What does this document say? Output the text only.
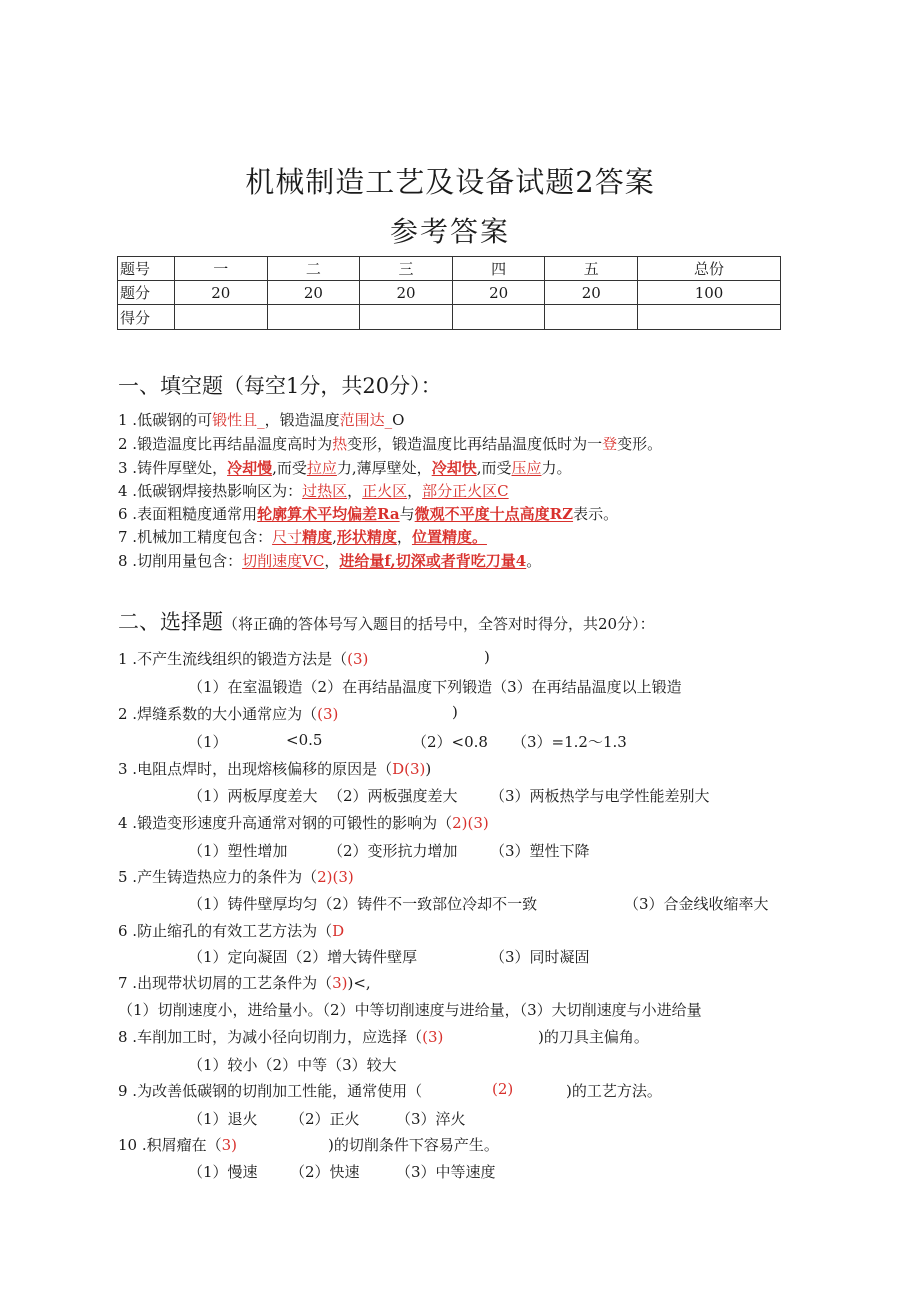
机械制造工艺及设备试题2答案
参考答案
题号	一	二	三	四	五	总份
题分	20	20	20	20	20	100
得分						
一、填空题（每空1分，共20分）：
1 .低碳钢的可锻性且_，锻造温度范围达_O
2 .锻造温度比再结晶温度高时为热变形，锻造温度比再结晶温度低时为一登变形。
3 .铸件厚壁处，冷却慢,而受拉应力,薄厚壁处，冷却快,而受压应力。
4 .低碳钢焊接热影响区为：过热区，正火区，部分正火区C
6 .表面粗糙度通常用轮廓算术平均偏差Ra与微观不平度十点高度RZ表示。
7 .机械加工精度包含：尺寸精度,形状精度，位置精度。
8 .切削用量包含：切削速度VC，进给量f,切深或者背吃刀量4。
二、选择题（将正确的答体号写入题目的括号中，全答对时得分，共20分）：
1 .不产生流线组织的锻造方法是（(3)	)
（1）在室温锻造（2）在再结晶温度下列锻造（3）在再结晶温度以上锻造
2 .焊缝系数的大小通常应为（(3)	)
（1）	<0.5	（2）<0.8 （3）=1.2～1.3
3 .电阻点焊时，出现熔核偏移的原因是（D(3))
（1）两板厚度差大 （2）两板强度差大 （3）两板热学与电学性能差别大
4 .锻造变形速度升高通常对钢的可锻性的影响为（2)(3)
（1）塑性增加	（2）变形抗力增加 （3）塑性下降
5 .产生铸造热应力的条件为（2)(3)
（1）铸件壁厚均匀（2）铸件不一致部位冷却不一致	（3）合金线收缩率大
6 .防止缩孔的有效工艺方法为（D
（1）定向凝固（2）增大铸件壁厚	（3）同时凝固
7 .出现带状切屑的工艺条件为（3))<,
（1）切削速度小，进给量小。（2）中等切削速度与进给量，（3）大切削速度与小进给量
8 .车削加工时，为减小径向切削力，应选择（(3)	)的刀具主偏角。
（1）较小（2）中等（3）较大
9 .为改善低碳钢的切削加工性能，通常使用（	(2)	)的工艺方法。
（1）退火 （2）正火 （3）淬火
10 .积屑瘤在（3)	)的切削条件下容易产生。
（1）慢速 （2）快速 （3）中等速度
